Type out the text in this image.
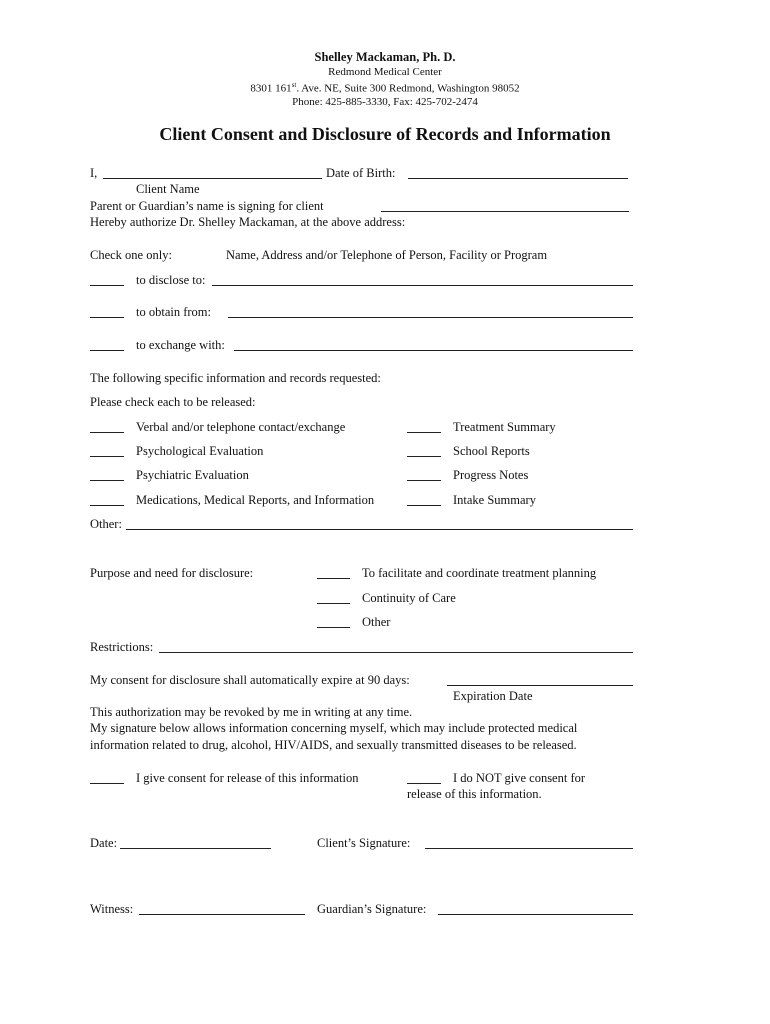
Shelley Mackaman, Ph. D.
Redmond Medical Center
8301 161st. Ave. NE, Suite 300 Redmond, Washington 98052
Phone: 425-885-3330, Fax: 425-702-2474
Client Consent and Disclosure of Records and Information
I,	Date of Birth:
Client Name
Parent or Guardian’s name is signing for client
Hereby authorize Dr. Shelley Mackaman, at the above address:
Check one only:	Name, Address and/or Telephone of Person, Facility or Program
to disclose to:
to obtain from:
to exchange with:
The following specific information and records requested:
Please check each to be released:
Verbal and/or telephone contact/exchange	Treatment Summary
Psychological Evaluation	School Reports
Psychiatric Evaluation	Progress Notes
Medications, Medical Reports, and Information	Intake Summary
Other:
Purpose and need for disclosure:	To facilitate and coordinate treatment planning
Continuity of Care
Other
Restrictions:
My consent for disclosure shall automatically expire at 90 days:
Expiration Date
This authorization may be revoked by me in writing at any time.
My signature below allows information concerning myself, which may include protected medical
information related to drug, alcohol, HIV/AIDS, and sexually transmitted diseases to be released.
I give consent for release of this information	I do NOT give consent for
release of this information.
Date:	Client’s Signature:
Witness:	Guardian’s Signature:
